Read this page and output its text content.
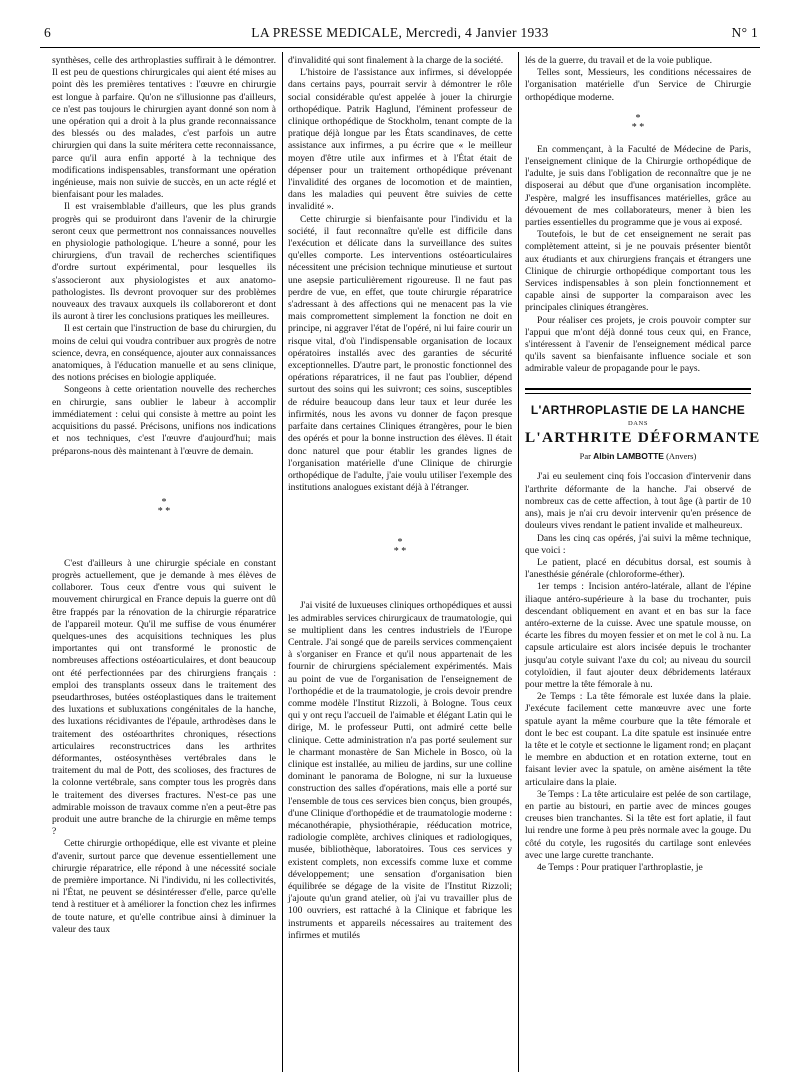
6	LA PRESSE MEDICALE, Mercredi, 4 Janvier 1933	N° 1

synthèses, celle des arthroplasties suffirait à le démontrer. Il est peu de questions chirurgicales qui aient été mises au point dès les premières tentatives : l'œuvre en chirurgie est longue à parfaire. Qu'on ne s'illusionne pas d'ailleurs, ce n'est pas toujours le chirurgien ayant donné son nom à une opération qui a droit à la plus grande reconnaissance des blessés ou des malades, c'est parfois un autre chirurgien qui dans la suite méritera cette reconnaissance, parce qu'il aura enfin apporté à la technique des modifications indispensables, transformant une opération ingénieuse, mais non suivie de succès, en un acte réglé et bienfaisant pour les malades.

Il est vraisemblable d'ailleurs, que les plus grands progrès qui se produiront dans l'avenir de la chirurgie seront ceux que permettront nos connaissances nouvelles en physiologie pathologique. L'heure a sonné, pour les chirurgiens, d'un travail de recherches scientifiques d'ordre surtout expérimental, pour lesquelles ils s'associeront aux physiologistes et aux anatomo-pathologistes. Ils devront provoquer sur des problèmes nouveaux des travaux auxquels ils collaboreront et dont ils auront à tirer les conclusions pratiques les meilleures.

Il est certain que l'instruction de base du chirurgien, du moins de celui qui voudra contribuer aux progrès de notre science, devra, en conséquence, ajouter aux connaissances anatomiques, à l'éducation manuelle et au sens clinique, des notions précises en biologie appliquée.

Songeons à cette orientation nouvelle des recherches en chirurgie, sans oublier le labeur à accomplir immédiatement : celui qui consiste à mettre au point les acquisitions du passé. Précisons, unifions nos indications et nos techniques, c'est l'œuvre d'aujourd'hui; mais préparons-nous dès maintenant à l'œuvre de demain.

*
* *

C'est d'ailleurs à une chirurgie spéciale en constant progrès actuellement, que je demande à mes élèves de collaborer. Tous ceux d'entre vous qui suivent le mouvement chirurgical en France depuis la guerre ont dû être frappés par la rénovation de la chirurgie réparatrice de l'appareil moteur. Qu'il me suffise de vous énumérer quelques-unes des acquisitions techniques les plus importantes qui ont transformé le pronostic de nombreuses affections ostéoarticulaires, et dont beaucoup ont été perfectionnées par des chirurgiens français : emploi des transplants osseux dans le traitement des pseudarthroses, butées ostéoplastiques dans le traitement des luxations et subluxations congénitales de la hanche, des luxations récidivantes de l'épaule, arthrodèses dans le traitement des ostéoarthrites chroniques, résections articulaires reconstructrices dans les arthrites déformantes, ostéosynthèses vertébrales dans le traitement du mal de Pott, des scolioses, des fractures de la colonne vertébrale, sans compter tous les progrès dans le traitement des diverses fractures. N'est-ce pas une admirable moisson de travaux comme n'en a peut-être pas produit une autre branche de la chirurgie en même temps ?

Cette chirurgie orthopédique, elle est vivante et pleine d'avenir, surtout parce que devenue essentiellement une chirurgie réparatrice, elle répond à une nécessité sociale de première importance. Ni l'individu, ni les collectivités, ni l'État, ne peuvent se désintéresser d'elle, parce qu'elle tend à restituer et à améliorer la fonction chez les infirmes de toute nature, et qu'elle contribue ainsi à diminuer la valeur des taux

d'invalidité qui sont finalement à la charge de la société.

L'histoire de l'assistance aux infirmes, si développée dans certains pays, pourrait servir à démontrer le rôle social considérable qu'est appelée à jouer la chirurgie orthopédique. Patrik Haglund, l'éminent professeur de clinique orthopédique de Stockholm, tenant compte de la pratique déjà longue par les États scandinaves, de cette assistance aux infirmes, a pu écrire que « le meilleur moyen d'être utile aux infirmes et à l'État était de dépenser pour un traitement orthopédique prévenant l'invalidité des organes de locomotion et de maintien, dans les maladies qui peuvent être suivies de cette invalidité ».

Cette chirurgie si bienfaisante pour l'individu et la société, il faut reconnaître qu'elle est difficile dans l'exécution et délicate dans la surveillance des suites qu'elles comporte. Les interventions ostéoarticulaires nécessitent une précision technique minutieuse et surtout une asepsie particulièrement rigoureuse. Il ne faut pas perdre de vue, en effet, que toute chirurgie réparatrice s'adressant à des affections qui ne menacent pas la vie mais compromettent simplement la fonction ne doit en principe, ni aggraver l'état de l'opéré, ni lui faire courir un risque vital, d'où l'indispensable organisation de locaux opératoires installés avec des garanties de sécurité exceptionnelles. D'autre part, le pronostic fonctionnel des opérations réparatrices, il ne faut pas l'oublier, dépend surtout des soins qui les suivront; ces soins, susceptibles de réduire beaucoup dans leur taux et leur durée les infirmités, nous les avons vu donner de façon presque parfaite dans certaines Cliniques étrangères, pour le bien des opérés et pour la bonne instruction des élèves. Il était donc naturel que pour établir les grandes lignes de l'organisation matérielle d'une Clinique de chirurgie orthopédique de l'adulte, j'aie voulu utiliser l'exemple des institutions analogues existant déjà à l'étranger.

*
* *

J'ai visité de luxueuses cliniques orthopédiques et aussi les admirables services chirurgicaux de traumatologie, qui se multiplient dans les centres industriels de l'Europe Centrale. J'ai songé que de pareils services commençaient à s'organiser en France et qu'il nous appartenait de les fournir de chirurgiens spécialement expérimentés. Mais au point de vue de l'organisation de l'enseignement de l'orthopédie et de la traumatologie, je crois devoir prendre comme modèle l'Institut Rizzoli, à Bologne. Tous ceux qui y ont reçu l'accueil de l'aimable et élégant Latin qui le dirige, M. le professeur Putti, ont admiré cette belle clinique. Cette administration n'a pas porté seulement sur le charmant monastère de San Michele in Bosco, où la clinique est installée, au milieu de jardins, sur une colline dominant le panorama de Bologne, ni sur la luxueuse construction des salles d'opérations, mais elle a porté sur l'ensemble de tous ces services bien conçus, bien groupés, d'une Clinique d'orthopédie et de traumatologie moderne : mécanothérapie, physiothérapie, rééducation motrice, radiologie complète, archives cliniques et radiologiques, musée, bibliothèque, laboratoires. Tous ces services y existent complets, non excessifs comme luxe et comme développement; une sensation d'organisation bien équilibrée se dégage de la visite de l'Institut Rizzoli; j'ajoute qu'un grand atelier, où j'ai vu travailler plus de 100 ouvriers, est rattaché à la Clinique et fabrique les instruments et appareils nécessaires au traitement des infirmes et mutilés

lés de la guerre, du travail et de la voie publique.

Telles sont, Messieurs, les conditions nécessaires de l'organisation matérielle d'un Service de Chirurgie orthopédique moderne.

*
* *

En commençant, à la Faculté de Médecine de Paris, l'enseignement clinique de la Chirurgie orthopédique de l'adulte, je suis dans l'obligation de reconnaître que je ne disposerai au début que d'une organisation incomplète. J'espère, malgré les insuffisances matérielles, grâce au dévouement de mes collaborateurs, mener à bien les parties essentielles du programme que je vous ai exposé.

Toutefois, le but de cet enseignement ne serait pas complètement atteint, si je ne pouvais présenter bientôt aux étudiants et aux chirurgiens français et étrangers une Clinique de chirurgie orthopédique comportant tous les Services indispensables à son plein fonctionnement et capable ainsi de supporter la comparaison avec les principales cliniques étrangères.

Pour réaliser ces projets, je crois pouvoir compter sur l'appui que m'ont déjà donné tous ceux qui, en France, s'intéressent à l'avenir de l'enseignement médical parce qu'ils savent sa bienfaisante influence sociale et son admirable valeur de propagande pour le pays.

L'ARTHROPLASTIE DE LA HANCHE
DANS
L'ARTHRITE DÉFORMANTE
Par Albin LAMBOTTE (Anvers)

J'ai eu seulement cinq fois l'occasion d'intervenir dans l'arthrite déformante de la hanche. J'ai observé de nombreux cas de cette affection, à tout âge (à partir de 10 ans), mais je n'ai cru devoir intervenir qu'en présence de douleurs vives rendant le patient invalide et malheureux.

Dans les cinq cas opérés, j'ai suivi la même technique, que voici :

Le patient, placé en décubitus dorsal, est soumis à l'anesthésie générale (chloroforme-éther).

1er temps : Incision antéro-latérale, allant de l'épine iliaque antéro-supérieure à la base du trochanter, puis descendant obliquement en avant et en bas sur la face antéro-externe de la cuisse. Avec une spatule mousse, on écarte les fibres du moyen fessier et on met le col à nu. La capsule articulaire est alors incisée depuis le trochanter jusqu'au cotyle suivant l'axe du col; au niveau du sourcil cotyloïdien, il faut ajouter deux débridements latéraux pour mettre la tête fémorale à nu.

2e Temps : La tête fémorale est luxée dans la plaie. J'exécute facilement cette manœuvre avec une forte spatule ayant la même courbure que la tête fémorale et dont le bec est coupant. La dite spatule est insinuée entre la tête et le cotyle et sectionne le ligament rond; en plaçant le membre en abduction et en rotation externe, tout en faisant levier avec la spatule, on amène aisément la tête articulaire dans la plaie.

3e Temps : La tête articulaire est pelée de son cartilage, en partie au bistouri, en partie avec de minces gouges creuses bien tranchantes. Si la tête est fort aplatie, il faut lui rendre une forme à peu près normale avec la gouge. Du côté du cotyle, les rugosités du cartilage sont enlevées avec une large curette tranchante.

4e Temps : Pour pratiquer l'arthroplastie, je
